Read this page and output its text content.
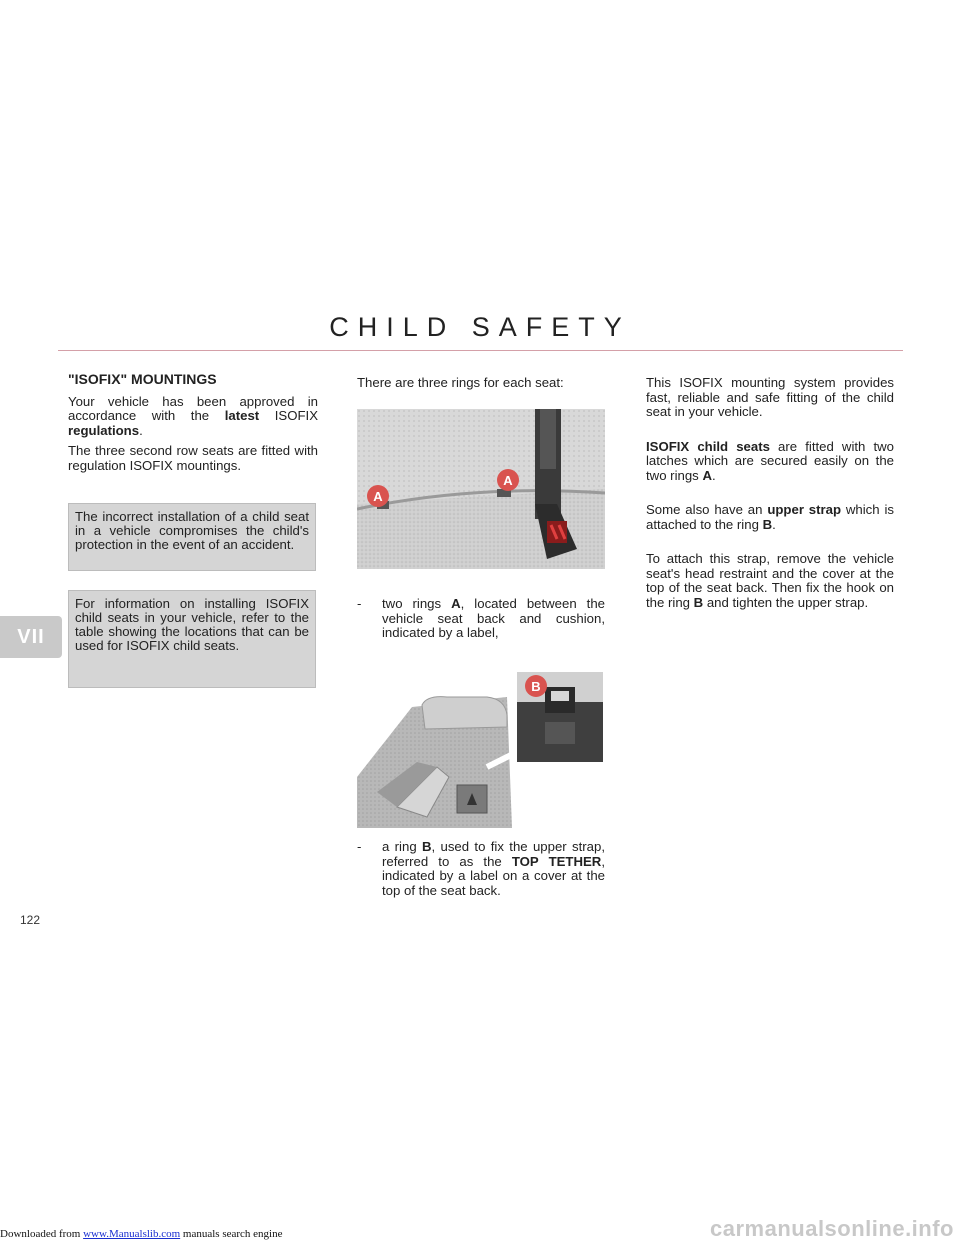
CHILD SAFETY
VII
"ISOFIX" MOUNTINGS

Your vehicle has been approved in accordance with the latest ISOFIX regulations.

The three second row seats are fitted with regulation ISOFIX mountings.

The incorrect installation of a child seat in a vehicle compromises the child's protection in the event of an accident.
For information on installing ISOFIX child seats in your vehicle, refer to the table showing the locations that can be used for ISOFIX child seats.

There are three rings for each seat:

A
A
- two rings A, located between the vehicle seat back and cushion, indicated by a label,

B
- a ring B, used to fix the upper strap, referred to as the TOP TETHER, indicated by a label on a cover at the top of the seat back.

This ISOFIX mounting system provides fast, reliable and safe fitting of the child seat in your vehicle.

ISOFIX child seats are fitted with two latches which are secured easily on the two rings A.

Some also have an upper strap which is attached to the ring B.

To attach this strap, remove the vehicle seat's head restraint and the cover at the top of the seat back. Then fix the hook on the ring B and tighten the upper strap.

122
Downloaded from www.Manualslib.com manuals search engine	carmanualsonline.info
